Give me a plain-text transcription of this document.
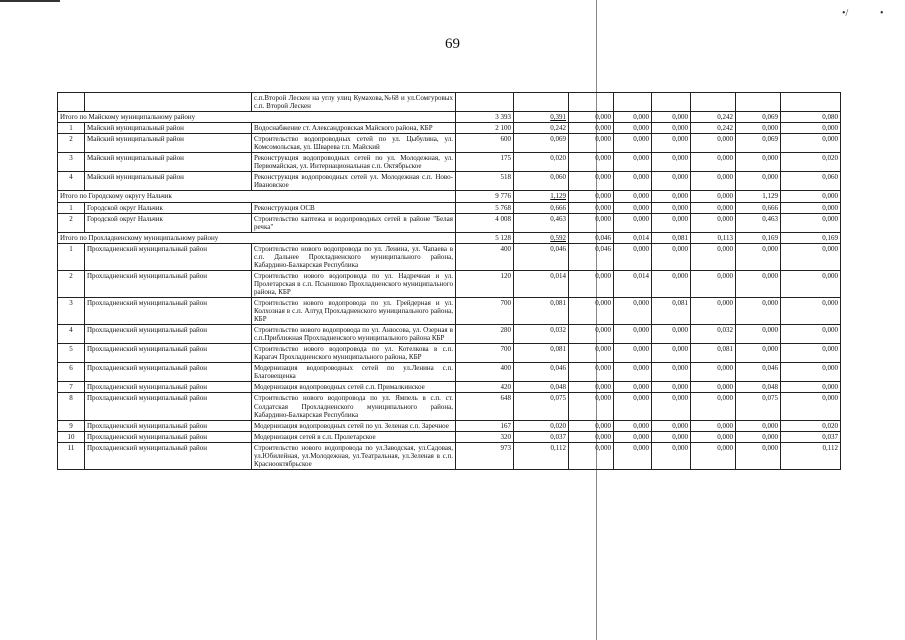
69
•/	•
		с.п.Второй Лескен на углу улиц Кумахова,№68 и ул.Сомгуровых с.п. Второй Лескен								
Итого по Майскому муниципальному району			3 393	0,391	0,000	0,000	0,000	0,242	0,069	0,080
1	Майский муниципальный район	Водоснабжение ст. Александровская Майского района, КБР	2 100	0,242	0,000	0,000	0,000	0,242	0,000	0,000
2	Майский муниципальный район	Строительство водопроводных сетей по ул. Цыбулина, ул. Комсомольская, ул. Шварева г.п. Майский	600	0,069	0,000	0,000	0,000	0,000	0,069	0,000
3	Майский муниципальный район	Реконструкция водопроводных сетей по ул. Молодежная, ул. Первомайская, ул. Интернациональная с.п. Октябрьское	175	0,020	0,000	0,000	0,000	0,000	0,000	0,020
4	Майский муниципальный район	Реконструкция водопроводных сетей ул. Молодежная с.п. Ново-Ивановское	518	0,060	0,000	0,000	0,000	0,000	0,000	0,060
Итого по Городскому округу Нальчик			9 776	1,129	0,000	0,000	0,000	0,000	1,129	0,000
1	Городской округ Нальчик	Реконструкция ОСВ	5 768	0,666	0,000	0,000	0,000	0,000	0,666	0,000
2	Городской округ Нальчик	Строительство каптежа и водопроводных сетей в районе "Белая речка"	4 008	0,463	0,000	0,000	0,000	0,000	0,463	0,000
Итого по Прохладненскому муниципальному району			5 128	0,592	0,046	0,014	0,081	0,113	0,169	0,169
1	Прохладненский муниципальный район	Строительство нового водопровода по ул. Ленина, ул. Чапаева в с.п. Дальнее Прохладненского муниципального района, Кабардино-Балкарская Республика	400	0,046	0,046	0,000	0,000	0,000	0,000	0,000
2	Прохладненский муниципальный район	Строительство нового водопровода по ул. Надречная и ул. Пролетарская в с.п. Псыншоко Прохладненского муниципального района, КБР	120	0,014	0,000	0,014	0,000	0,000	0,000	0,000
3	Прохладненский муниципальный район	Строительство нового водопровода по ул. Грейдерная и ул. Колхозная в с.п. Алтуд Прохладненского муниципального района, КБР	700	0,081	0,000	0,000	0,081	0,000	0,000	0,000
4	Прохладненский муниципальный район	Строительство нового водопровода по ул. Анюсова, ул. Озерная в с.п.Приближная Прохладненского муниципального района КБР	280	0,032	0,000	0,000	0,000	0,032	0,000	0,000
5	Прохладненский муниципальный район	Строительство нового водопровода по ул. Котелкова в с.п. Карагач Прохладненского муниципального района, КБР	700	0,081	0,000	0,000	0,000	0,081	0,000	0,000
6	Прохладненский муниципальный район	Модернизация водопроводных сетей по ул.Ленина с.п. Благовещенка	400	0,046	0,000	0,000	0,000	0,000	0,046	0,000
7	Прохладненский муниципальный район	Модернизация водопроводных сетей с.п. Прималкинское	420	0,048	0,000	0,000	0,000	0,000	0,048	0,000
8	Прохладненский муниципальный район	Строительство нового водопровода по ул. Ямпель в с.п. ст. Солдатская Прохладненского муниципального района, Кабардино-Балкарская Республика	648	0,075	0,000	0,000	0,000	0,000	0,075	0,000
9	Прохладненский муниципальный район	Модернизация водопроводных сетей по ул. Зеленая с.п. Заречное	167	0,020	0,000	0,000	0,000	0,000	0,000	0,020
10	Прохладненский муниципальный район	Модернизация сетей в с.п. Пролетарское	320	0,037	0,000	0,000	0,000	0,000	0,000	0,037
11	Прохладненский муниципальный район	Строительство нового водопровода по ул.Заводская, ул.Садовая, ул.Юбилейная, ул.Молодежная, ул.Театральная, ул.Зеленая в с.п. Краснооктябрьское	973	0,112	0,000	0,000	0,000	0,000	0,000	0,112
